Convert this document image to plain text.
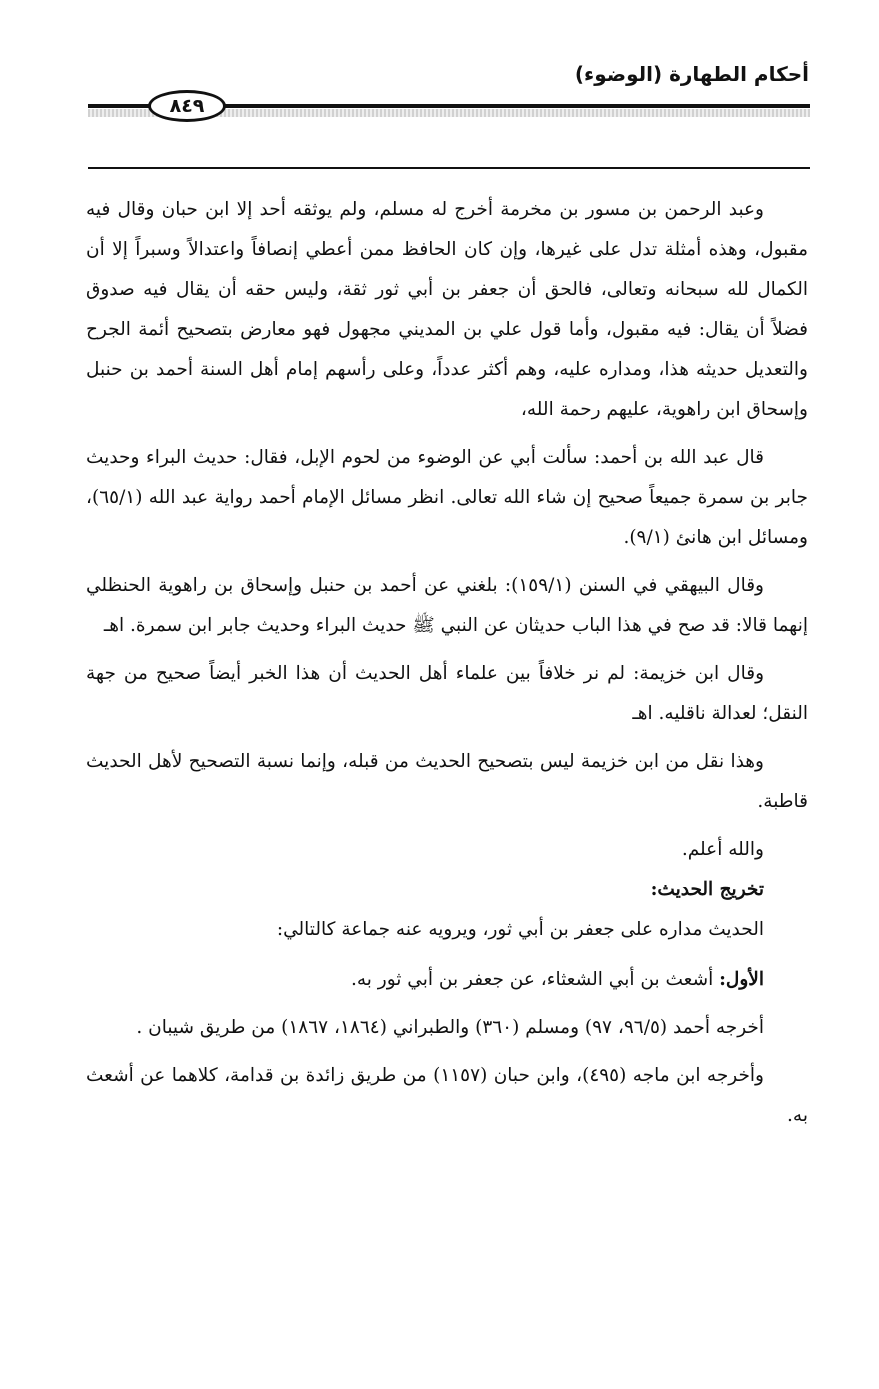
أحكام الطهارة (الوضوء)
٨٤٩

وعبد الرحمن بن مسور بن مخرمة أخرج له مسلم، ولم يوثقه أحد إلا ابن حبان وقال فيه مقبول، وهذه أمثلة تدل على غيرها، وإن كان الحافظ ممن أعطي إنصافاً واعتدالاً وسبراً إلا أن الكمال لله سبحانه وتعالى، فالحق أن جعفر بن أبي ثور ثقة، وليس حقه أن يقال فيه صدوق فضلاً أن يقال: فيه مقبول، وأما قول علي بن المديني مجهول فهو معارض بتصحيح أئمة الجرح والتعديل حديثه هذا، ومداره عليه، وهم أكثر عدداً، وعلى رأسهم إمام أهل السنة أحمد بن حنبل وإسحاق ابن راهوية، عليهم رحمة الله،

قال عبد الله بن أحمد: سألت أبي عن الوضوء من لحوم الإبل، فقال: حديث البراء وحديث جابر بن سمرة جميعاً صحيح إن شاء الله تعالى. انظر مسائل الإمام أحمد رواية عبد الله (٦٥/١)، ومسائل ابن هانئ (٩/١).

وقال البيهقي في السنن (١٥٩/١): بلغني عن أحمد بن حنبل وإسحاق بن راهوية الحنظلي إنهما قالا: قد صح في هذا الباب حديثان عن النبي ﷺ حديث البراء وحديث جابر ابن سمرة. اهـ

وقال ابن خزيمة: لم نر خلافاً بين علماء أهل الحديث أن هذا الخبر أيضاً صحيح من جهة النقل؛ لعدالة ناقليه. اهـ

وهذا نقل من ابن خزيمة ليس بتصحيح الحديث من قبله، وإنما نسبة التصحيح لأهل الحديث قاطبة.

والله أعلم.

تخريج الحديث:

الحديث مداره على جعفر بن أبي ثور، ويرويه عنه جماعة كالتالي:

الأول: أشعث بن أبي الشعثاء، عن جعفر بن أبي ثور به.

أخرجه أحمد (٩٦/٥، ٩٧) ومسلم (٣٦٠) والطبراني (١٨٦٤، ١٨٦٧) من طريق شيبان .

وأخرجه ابن ماجه (٤٩٥)، وابن حبان (١١٥٧) من طريق زائدة بن قدامة، كلاهما عن أشعث به.
